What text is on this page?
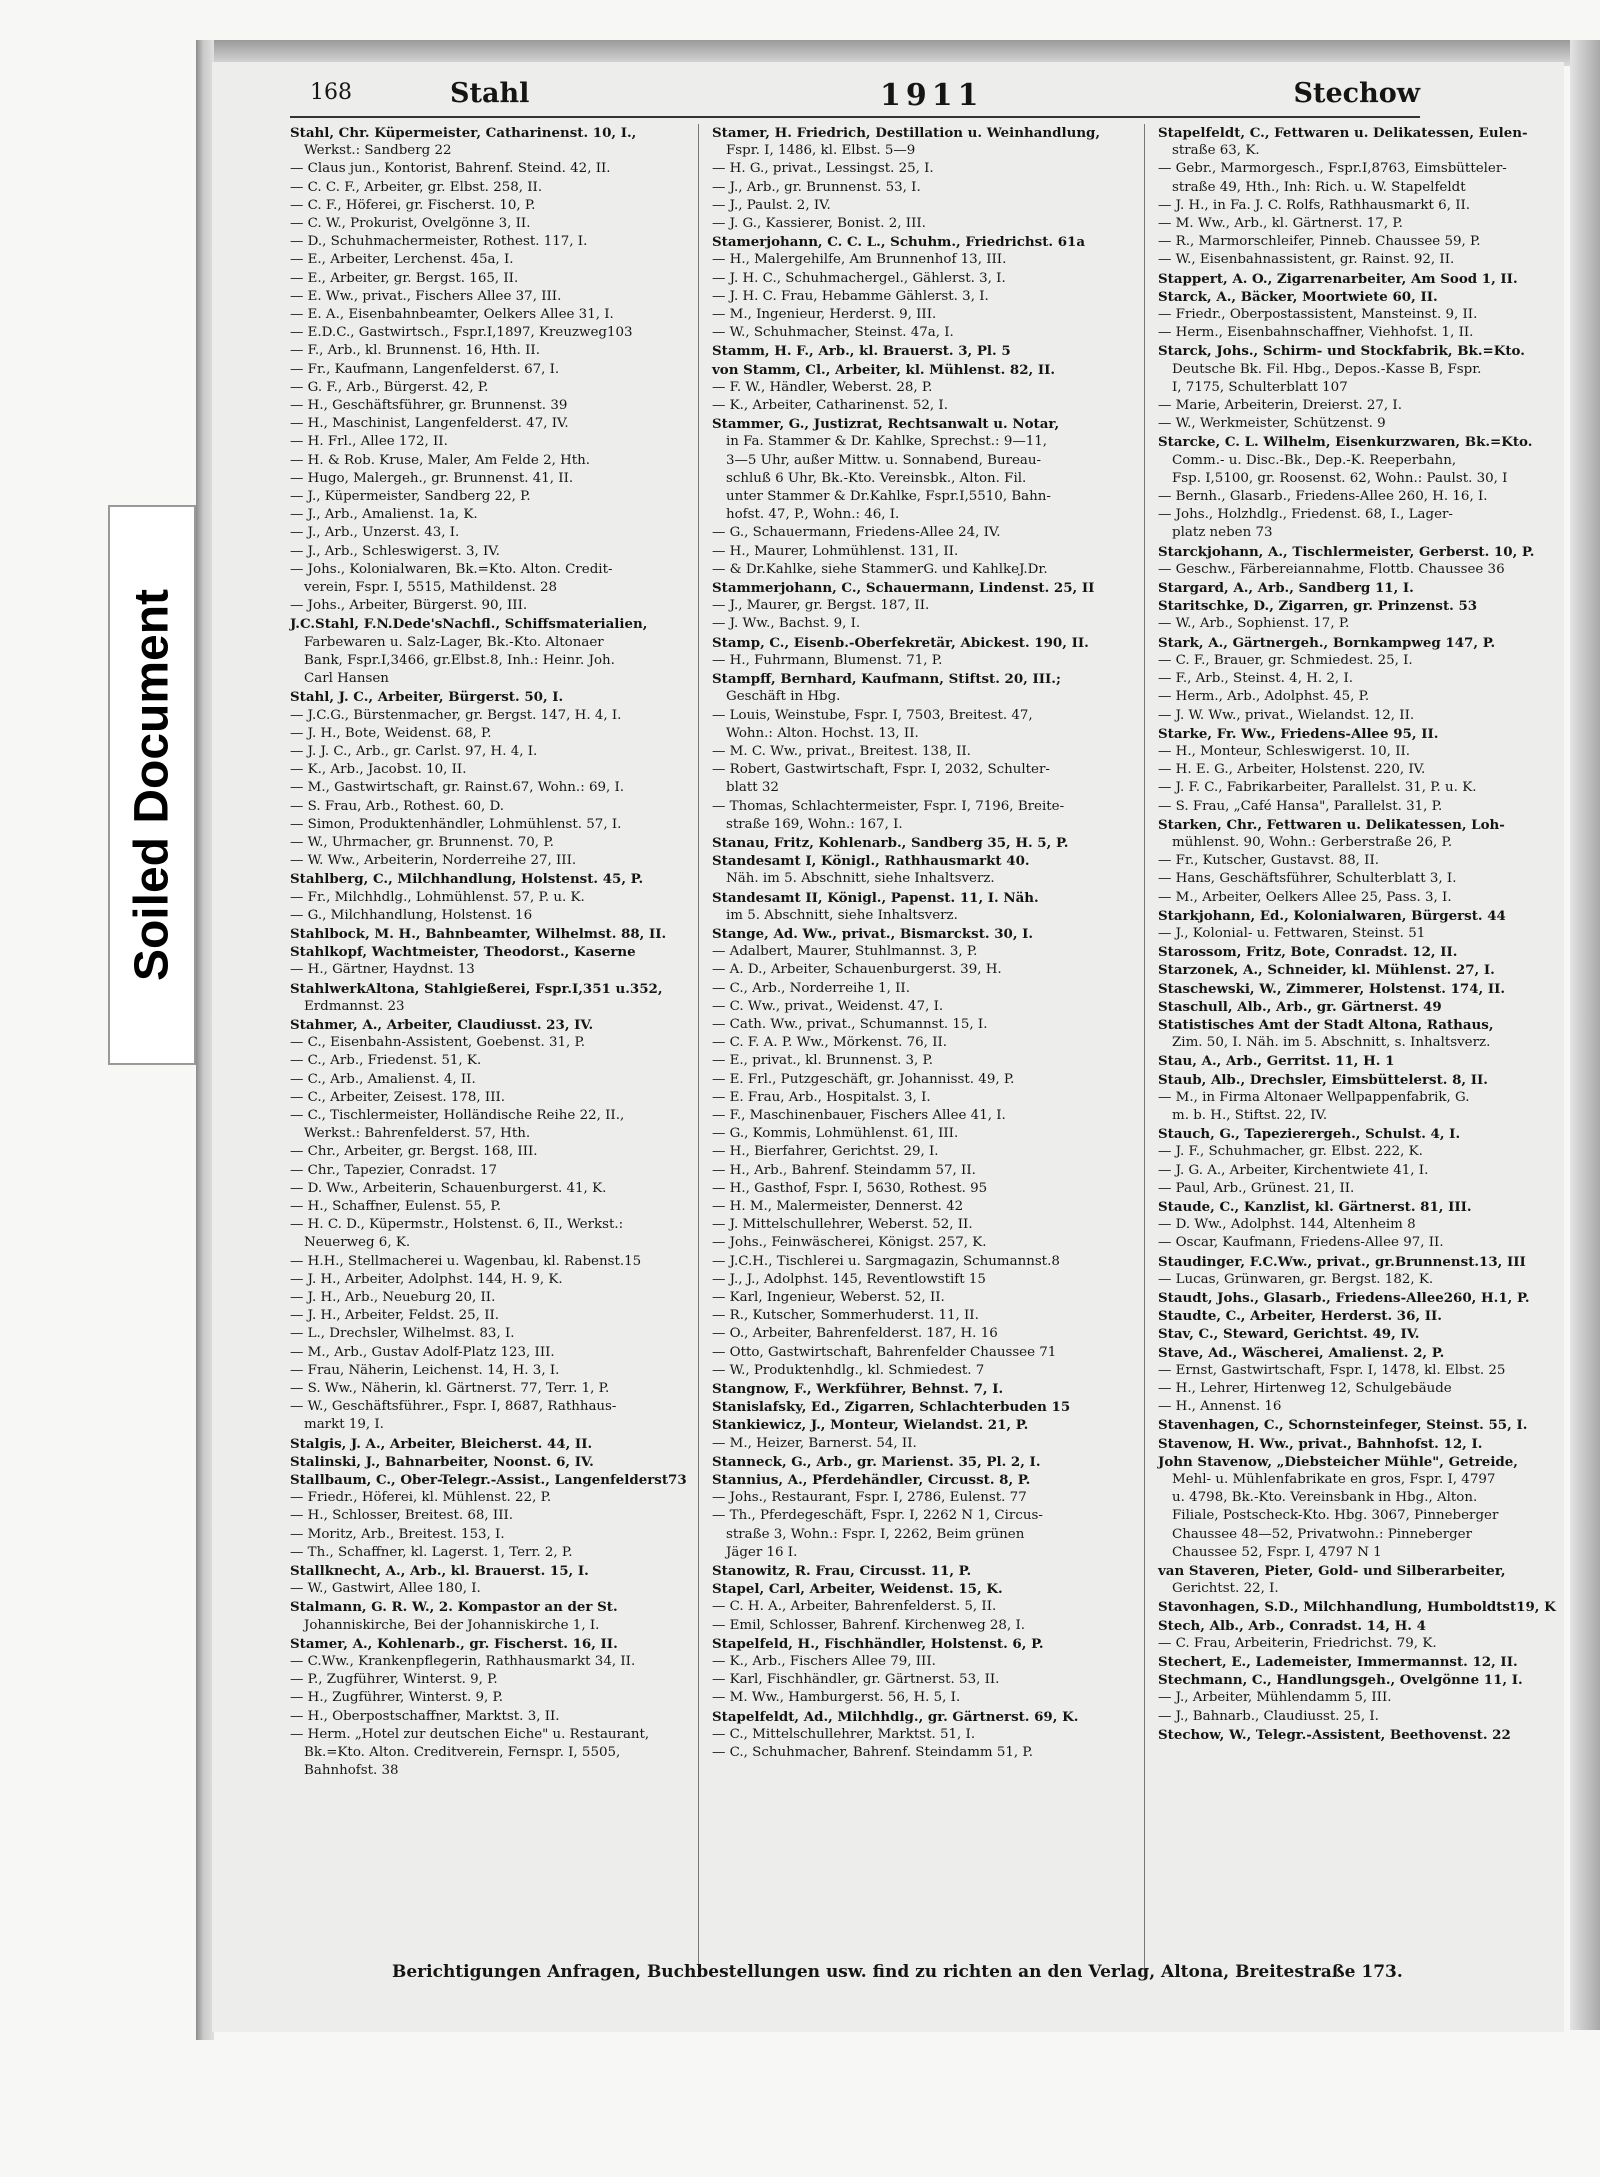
Soiled Document
168	Stahl	1911	Stechow
Stahl, Chr. Küpermeister, Catharinenst. 10, I.,
Werkst.: Sandberg 22
— Claus jun., Kontorist, Bahrenf. Steind. 42, II.
— C. C. F., Arbeiter, gr. Elbst. 258, II.
— C. F., Höferei, gr. Fischerst. 10, P.
— C. W., Prokurist, Ovelgönne 3, II.
— D., Schuhmachermeister, Rothest. 117, I.
— E., Arbeiter, Lerchenst. 45a, I.
— E., Arbeiter, gr. Bergst. 165, II.
— E. Ww., privat., Fischers Allee 37, III.
— E. A., Eisenbahnbeamter, Oelkers Allee 31, I.
— E.D.C., Gastwirtsch., Fspr.I,1897, Kreuzweg103
— F., Arb., kl. Brunnenst. 16, Hth. II.
— Fr., Kaufmann, Langenfelderst. 67, I.
— G. F., Arb., Bürgerst. 42, P.
— H., Geschäftsführer, gr. Brunnenst. 39
— H., Maschinist, Langenfelderst. 47, IV.
— H. Frl., Allee 172, II.
— H. & Rob. Kruse, Maler, Am Felde 2, Hth.
— Hugo, Malergeh., gr. Brunnenst. 41, II.
— J., Küpermeister, Sandberg 22, P.
— J., Arb., Amalienst. 1a, K.
— J., Arb., Unzerst. 43, I.
— J., Arb., Schleswigerst. 3, IV.
— Johs., Kolonialwaren, Bk.=Kto. Alton. Credit-
verein, Fspr. I, 5515, Mathildenst. 28
— Johs., Arbeiter, Bürgerst. 90, III.
J.C.Stahl, F.N.Dede'sNachfl., Schiffsmaterialien,
Farbewaren u. Salz-Lager, Bk.-Kto. Altonaer
Bank, Fspr.I,3466, gr.Elbst.8, Inh.: Heinr. Joh.
Carl Hansen
Stahl, J. C., Arbeiter, Bürgerst. 50, I.
— J.C.G., Bürstenmacher, gr. Bergst. 147, H. 4, I.
— J. H., Bote, Weidenst. 68, P.
— J. J. C., Arb., gr. Carlst. 97, H. 4, I.
— K., Arb., Jacobst. 10, II.
— M., Gastwirtschaft, gr. Rainst.67, Wohn.: 69, I.
— S. Frau, Arb., Rothest. 60, D.
— Simon, Produktenhändler, Lohmühlenst. 57, I.
— W., Uhrmacher, gr. Brunnenst. 70, P.
— W. Ww., Arbeiterin, Norderreihe 27, III.
Stahlberg, C., Milchhandlung, Holstenst. 45, P.
— Fr., Milchhdlg., Lohmühlenst. 57, P. u. K.
— G., Milchhandlung, Holstenst. 16
Stahlbock, M. H., Bahnbeamter, Wilhelmst. 88, II.
Stahlkopf, Wachtmeister, Theodorst., Kaserne
— H., Gärtner, Haydnst. 13
StahlwerkAltona, Stahlgießerei, Fspr.I,351 u.352,
Erdmannst. 23
Stahmer, A., Arbeiter, Claudiusst. 23, IV.
— C., Eisenbahn-Assistent, Goebenst. 31, P.
— C., Arb., Friedenst. 51, K.
— C., Arb., Amalienst. 4, II.
— C., Arbeiter, Zeisest. 178, III.
— C., Tischlermeister, Holländische Reihe 22, II.,
Werkst.: Bahrenfelderst. 57, Hth.
— Chr., Arbeiter, gr. Bergst. 168, III.
— Chr., Tapezier, Conradst. 17
— D. Ww., Arbeiterin, Schauenburgerst. 41, K.
— H., Schaffner, Eulenst. 55, P.
— H. C. D., Küpermstr., Holstenst. 6, II., Werkst.:
Neuerweg 6, K.
— H.H., Stellmacherei u. Wagenbau, kl. Rabenst.15
— J. H., Arbeiter, Adolphst. 144, H. 9, K.
— J. H., Arb., Neueburg 20, II.
— J. H., Arbeiter, Feldst. 25, II.
— L., Drechsler, Wilhelmst. 83, I.
— M., Arb., Gustav Adolf-Platz 123, III.
— Frau, Näherin, Leichenst. 14, H. 3, I.
— S. Ww., Näherin, kl. Gärtnerst. 77, Terr. 1, P.
— W., Geschäftsführer., Fspr. I, 8687, Rathhaus-
markt 19, I.
Stalgis, J. A., Arbeiter, Bleicherst. 44, II.
Stalinski, J., Bahnarbeiter, Noonst. 6, IV.
Stallbaum, C., Ober-Telegr.-Assist., Langenfelderst73
— Friedr., Höferei, kl. Mühlenst. 22, P.
— H., Schlosser, Breitest. 68, III.
— Moritz, Arb., Breitest. 153, I.
— Th., Schaffner, kl. Lagerst. 1, Terr. 2, P.
Stallknecht, A., Arb., kl. Brauerst. 15, I.
— W., Gastwirt, Allee 180, I.
Stalmann, G. R. W., 2. Kompastor an der St.
Johanniskirche, Bei der Johanniskirche 1, I.
Stamer, A., Kohlenarb., gr. Fischerst. 16, II.
— C.Ww., Krankenpflegerin, Rathhausmarkt 34, II.
— P., Zugführer, Winterst. 9, P.
— H., Zugführer, Winterst. 9, P.
— H., Oberpostschaffner, Marktst. 3, II.
— Herm. „Hotel zur deutschen Eiche" u. Restaurant,
Bk.=Kto. Alton. Creditverein, Fernspr. I, 5505,
Bahnhofst. 38
Stamer, H. Friedrich, Destillation u. Weinhandlung,
Fspr. I, 1486, kl. Elbst. 5—9
— H. G., privat., Lessingst. 25, I.
— J., Arb., gr. Brunnenst. 53, I.
— J., Paulst. 2, IV.
— J. G., Kassierer, Bonist. 2, III.
Stamerjohann, C. C. L., Schuhm., Friedrichst. 61a
— H., Malergehilfe, Am Brunnenhof 13, III.
— J. H. C., Schuhmachergel., Gählerst. 3, I.
— J. H. C. Frau, Hebamme Gählerst. 3, I.
— M., Ingenieur, Herderst. 9, III.
— W., Schuhmacher, Steinst. 47a, I.
Stamm, H. F., Arb., kl. Brauerst. 3, Pl. 5
von Stamm, Cl., Arbeiter, kl. Mühlenst. 82, II.
— F. W., Händler, Weberst. 28, P.
— K., Arbeiter, Catharinenst. 52, I.
Stammer, G., Justizrat, Rechtsanwalt u. Notar,
in Fa. Stammer & Dr. Kahlke, Sprechst.: 9—11,
3—5 Uhr, außer Mittw. u. Sonnabend, Bureau-
schluß 6 Uhr, Bk.-Kto. Vereinsbk., Alton. Fil.
unter Stammer & Dr.Kahlke, Fspr.I,5510, Bahn-
hofst. 47, P., Wohn.: 46, I.
— G., Schauermann, Friedens-Allee 24, IV.
— H., Maurer, Lohmühlenst. 131, II.
— & Dr.Kahlke, siehe StammerG. und KahlkeJ.Dr.
Stammerjohann, C., Schauermann, Lindenst. 25, II
— J., Maurer, gr. Bergst. 187, II.
— J. Ww., Bachst. 9, I.
Stamp, C., Eisenb.-Oberfekretär, Abickest. 190, II.
— H., Fuhrmann, Blumenst. 71, P.
Stampff, Bernhard, Kaufmann, Stiftst. 20, III.;
Geschäft in Hbg.
— Louis, Weinstube, Fspr. I, 7503, Breitest. 47,
Wohn.: Alton. Hochst. 13, II.
— M. C. Ww., privat., Breitest. 138, II.
— Robert, Gastwirtschaft, Fspr. I, 2032, Schulter-
blatt 32
— Thomas, Schlachtermeister, Fspr. I, 7196, Breite-
straße 169, Wohn.: 167, I.
Stanau, Fritz, Kohlenarb., Sandberg 35, H. 5, P.
Standesamt I, Königl., Rathhausmarkt 40.
Näh. im 5. Abschnitt, siehe Inhaltsverz.
Standesamt II, Königl., Papenst. 11, I. Näh.
im 5. Abschnitt, siehe Inhaltsverz.
Stange, Ad. Ww., privat., Bismarckst. 30, I.
— Adalbert, Maurer, Stuhlmannst. 3, P.
— A. D., Arbeiter, Schauenburgerst. 39, H.
— C., Arb., Norderreihe 1, II.
— C. Ww., privat., Weidenst. 47, I.
— Cath. Ww., privat., Schumannst. 15, I.
— C. F. A. P. Ww., Mörkenst. 76, II.
— E., privat., kl. Brunnenst. 3, P.
— E. Frl., Putzgeschäft, gr. Johannisst. 49, P.
— E. Frau, Arb., Hospitalst. 3, I.
— F., Maschinenbauer, Fischers Allee 41, I.
— G., Kommis, Lohmühlenst. 61, III.
— H., Bierfahrer, Gerichtst. 29, I.
— H., Arb., Bahrenf. Steindamm 57, II.
— H., Gasthof, Fspr. I, 5630, Rothest. 95
— H. M., Malermeister, Dennerst. 42
— J. Mittelschullehrer, Weberst. 52, II.
— Johs., Feinwäscherei, Königst. 257, K.
— J.C.H., Tischlerei u. Sargmagazin, Schumannst.8
— J., J., Adolphst. 145, Reventlowstift 15
— Karl, Ingenieur, Weberst. 52, II.
— R., Kutscher, Sommerhuderst. 11, II.
— O., Arbeiter, Bahrenfelderst. 187, H. 16
— Otto, Gastwirtschaft, Bahrenfelder Chaussee 71
— W., Produktenhdlg., kl. Schmiedest. 7
Stangnow, F., Werkführer, Behnst. 7, I.
Stanislafsky, Ed., Zigarren, Schlachterbuden 15
Stankiewicz, J., Monteur, Wielandst. 21, P.
— M., Heizer, Barnerst. 54, II.
Stanneck, G., Arb., gr. Marienst. 35, Pl. 2, I.
Stannius, A., Pferdehändler, Circusst. 8, P.
— Johs., Restaurant, Fspr. I, 2786, Eulenst. 77
— Th., Pferdegeschäft, Fspr. I, 2262 N 1, Circus-
straße 3, Wohn.: Fspr. I, 2262, Beim grünen
Jäger 16 I.
Stanowitz, R. Frau, Circusst. 11, P.
Stapel, Carl, Arbeiter, Weidenst. 15, K.
— C. H. A., Arbeiter, Bahrenfelderst. 5, II.
— Emil, Schlosser, Bahrenf. Kirchenweg 28, I.
Stapelfeld, H., Fischhändler, Holstenst. 6, P.
— K., Arb., Fischers Allee 79, III.
— Karl, Fischhändler, gr. Gärtnerst. 53, II.
— M. Ww., Hamburgerst. 56, H. 5, I.
Stapelfeldt, Ad., Milchhdlg., gr. Gärtnerst. 69, K.
— C., Mittelschullehrer, Marktst. 51, I.
— C., Schuhmacher, Bahrenf. Steindamm 51, P.
Stapelfeldt, C., Fettwaren u. Delikatessen, Eulen-
straße 63, K.
— Gebr., Marmorgesch., Fspr.I,8763, Eimsbütteler-
straße 49, Hth., Inh: Rich. u. W. Stapelfeldt
— J. H., in Fa. J. C. Rolfs, Rathhausmarkt 6, II.
— M. Ww., Arb., kl. Gärtnerst. 17, P.
— R., Marmorschleifer, Pinneb. Chaussee 59, P.
— W., Eisenbahnassistent, gr. Rainst. 92, II.
Stappert, A. O., Zigarrenarbeiter, Am Sood 1, II.
Starck, A., Bäcker, Moortwiete 60, II.
— Friedr., Oberpostassistent, Mansteinst. 9, II.
— Herm., Eisenbahnschaffner, Viehhofst. 1, II.
Starck, Johs., Schirm- und Stockfabrik, Bk.=Kto.
Deutsche Bk. Fil. Hbg., Depos.-Kasse B, Fspr.
I, 7175, Schulterblatt 107
— Marie, Arbeiterin, Dreierst. 27, I.
— W., Werkmeister, Schützenst. 9
Starcke, C. L. Wilhelm, Eisenkurzwaren, Bk.=Kto.
Comm.- u. Disc.-Bk., Dep.-K. Reeperbahn,
Fsp. I,5100, gr. Roosenst. 62, Wohn.: Paulst. 30, I
— Bernh., Glasarb., Friedens-Allee 260, H. 16, I.
— Johs., Holzhdlg., Friedenst. 68, I., Lager-
platz neben 73
Starckjohann, A., Tischlermeister, Gerberst. 10, P.
— Geschw., Färbereiannahme, Flottb. Chaussee 36
Stargard, A., Arb., Sandberg 11, I.
Staritschke, D., Zigarren, gr. Prinzenst. 53
— W., Arb., Sophienst. 17, P.
Stark, A., Gärtnergeh., Bornkampweg 147, P.
— C. F., Brauer, gr. Schmiedest. 25, I.
— F., Arb., Steinst. 4, H. 2, I.
— Herm., Arb., Adolphst. 45, P.
— J. W. Ww., privat., Wielandst. 12, II.
Starke, Fr. Ww., Friedens-Allee 95, II.
— H., Monteur, Schleswigerst. 10, II.
— H. E. G., Arbeiter, Holstenst. 220, IV.
— J. F. C., Fabrikarbeiter, Parallelst. 31, P. u. K.
— S. Frau, „Café Hansa", Parallelst. 31, P.
Starken, Chr., Fettwaren u. Delikatessen, Loh-
mühlenst. 90, Wohn.: Gerberstraße 26, P.
— Fr., Kutscher, Gustavst. 88, II.
— Hans, Geschäftsführer, Schulterblatt 3, I.
— M., Arbeiter, Oelkers Allee 25, Pass. 3, I.
Starkjohann, Ed., Kolonialwaren, Bürgerst. 44
— J., Kolonial- u. Fettwaren, Steinst. 51
Starossom, Fritz, Bote, Conradst. 12, II.
Starzonek, A., Schneider, kl. Mühlenst. 27, I.
Staschewski, W., Zimmerer, Holstenst. 174, II.
Staschull, Alb., Arb., gr. Gärtnerst. 49
Statistisches Amt der Stadt Altona, Rathaus,
Zim. 50, I. Näh. im 5. Abschnitt, s. Inhaltsverz.
Stau, A., Arb., Gerritst. 11, H. 1
Staub, Alb., Drechsler, Eimsbüttelerst. 8, II.
— M., in Firma Altonaer Wellpappenfabrik, G.
m. b. H., Stiftst. 22, IV.
Stauch, G., Tapezierergeh., Schulst. 4, I.
— J. F., Schuhmacher, gr. Elbst. 222, K.
— J. G. A., Arbeiter, Kirchentwiete 41, I.
— Paul, Arb., Grünest. 21, II.
Staude, C., Kanzlist, kl. Gärtnerst. 81, III.
— D. Ww., Adolphst. 144, Altenheim 8
— Oscar, Kaufmann, Friedens-Allee 97, II.
Staudinger, F.C.Ww., privat., gr.Brunnenst.13, III
— Lucas, Grünwaren, gr. Bergst. 182, K.
Staudt, Johs., Glasarb., Friedens-Allee260, H.1, P.
Staudte, C., Arbeiter, Herderst. 36, II.
Stav, C., Steward, Gerichtst. 49, IV.
Stave, Ad., Wäscherei, Amalienst. 2, P.
— Ernst, Gastwirtschaft, Fspr. I, 1478, kl. Elbst. 25
— H., Lehrer, Hirtenweg 12, Schulgebäude
— H., Annenst. 16
Stavenhagen, C., Schornsteinfeger, Steinst. 55, I.
Stavenow, H. Ww., privat., Bahnhofst. 12, I.
John Stavenow, „Diebsteicher Mühle", Getreide,
Mehl- u. Mühlenfabrikate en gros, Fspr. I, 4797
u. 4798, Bk.-Kto. Vereinsbank in Hbg., Alton.
Filiale, Postscheck-Kto. Hbg. 3067, Pinneberger
Chaussee 48—52, Privatwohn.: Pinneberger
Chaussee 52, Fspr. I, 4797 N 1
van Staveren, Pieter, Gold- und Silberarbeiter,
Gerichtst. 22, I.
Stavonhagen, S.D., Milchhandlung, Humboldtst19, K
Stech, Alb., Arb., Conradst. 14, H. 4
— C. Frau, Arbeiterin, Friedrichst. 79, K.
Stechert, E., Lademeister, Immermannst. 12, II.
Stechmann, C., Handlungsgeh., Ovelgönne 11, I.
— J., Arbeiter, Mühlendamm 5, III.
— J., Bahnarb., Claudiusst. 25, I.
Stechow, W., Telegr.-Assistent, Beethovenst. 22
Berichtigungen Anfragen, Buchbestellungen usw. find zu richten an den Verlag, Altona, Breitestraße 173.
